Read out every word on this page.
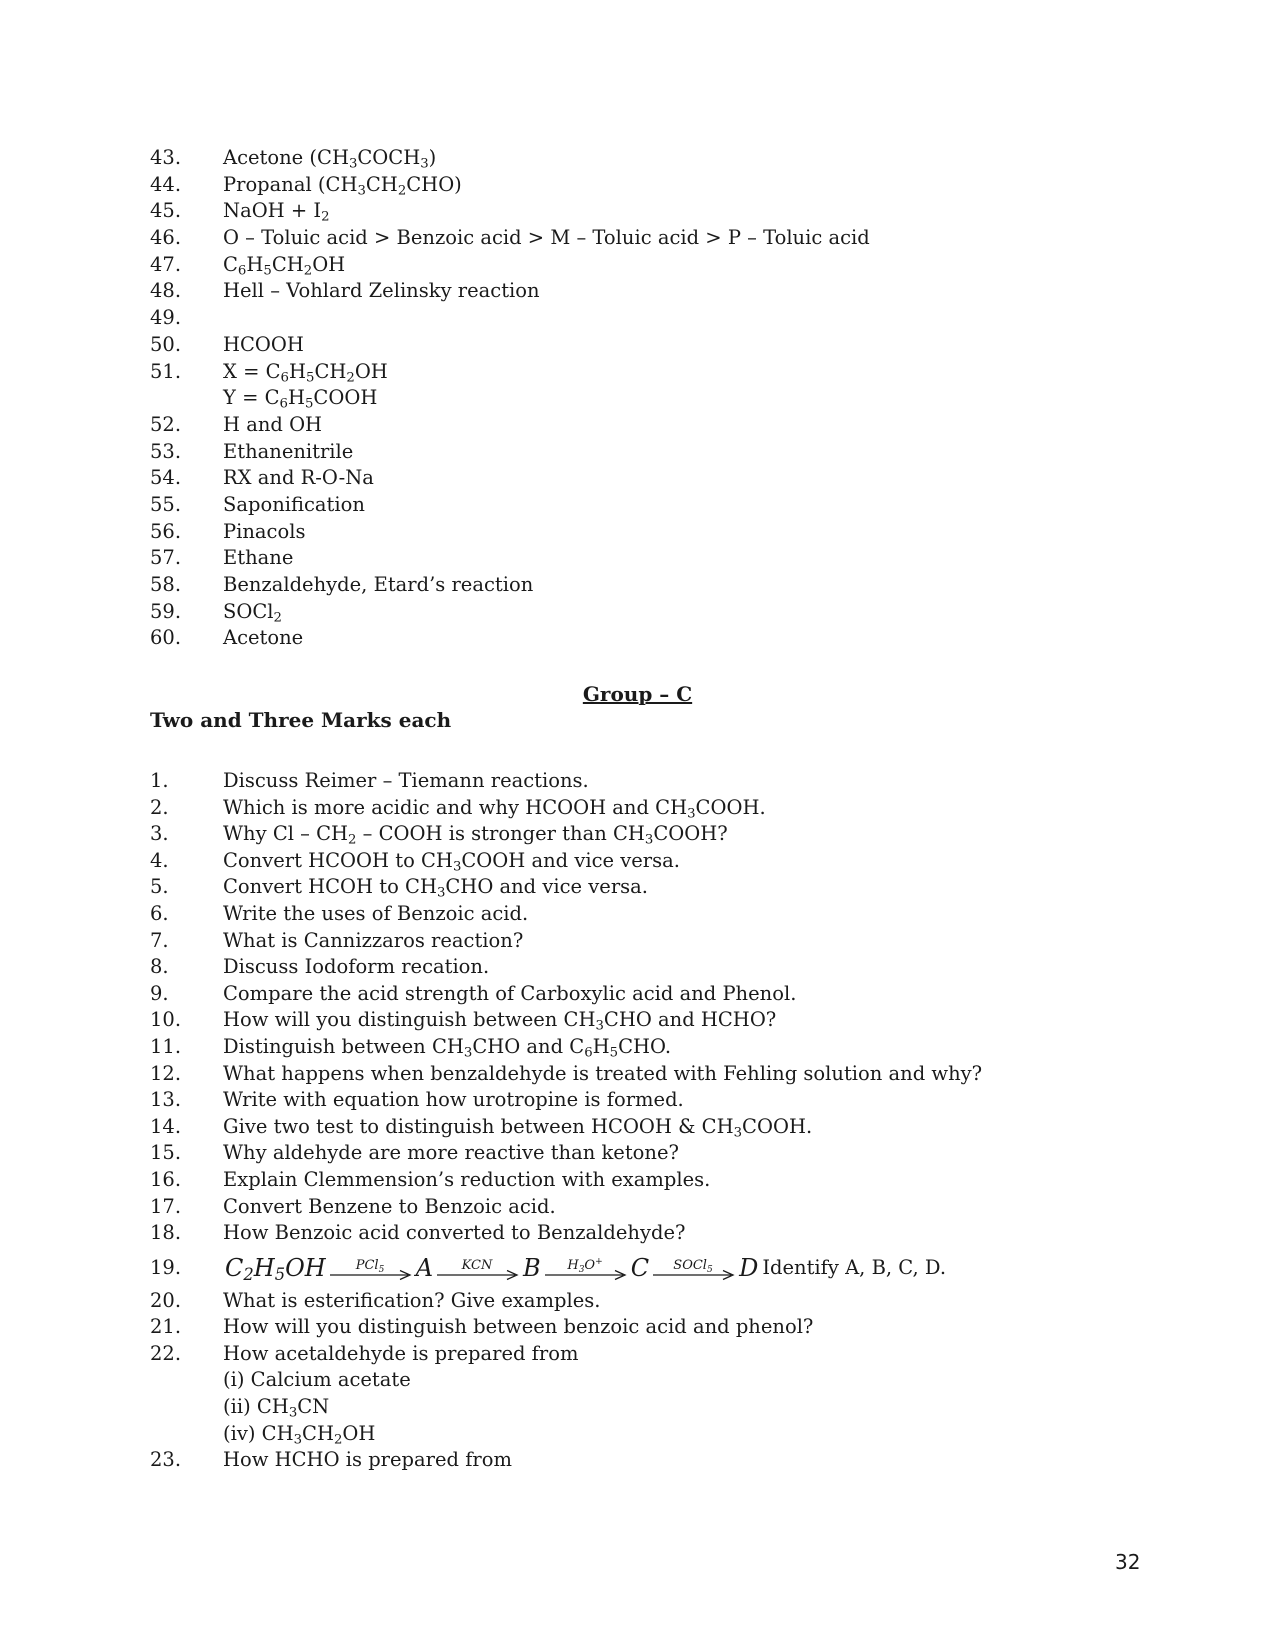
43. Acetone $(CH_3COCH_3)$
44. Propanal $(CH_3CH_2CHO)$
45. NaOH + $I_2$
46. O – Toluic acid > Benzoic acid > M – Toluic acid > P – Toluic acid
47. $C_6H_5CH_2OH$
48. Hell – Vohlard Zelinsky reaction
49.
50. HCOOH
51. $X = C_6H_5CH_2OH$
$Y = C_6H_5COOH$
52. H and OH
53. Ethanenitrile
54. RX and R-O-Na
55. Saponification
56. Pinacols
57. Ethane
58. Benzaldehyde, Etard’s reaction
59. SOCl$_2$
60. Acetone
Group – C
Two and Three Marks each
1.	Discuss Reimer – Tiemann reactions.
2.	Which is more acidic and why HCOOH and $CH_3COOH$.
3.	Why Cl – $CH_2$ – COOH is stronger than $CH_3COOH$?
4.	Convert HCOOH to $CH_3COOH$ and vice versa.
5.	Convert HCOH to $CH_3CHO$ and vice versa.
6.	Write the uses of Benzoic acid.
7.	What is Cannizzaros reaction?
8.	Discuss Iodoform recation.
9.	Compare the acid strength of Carboxylic acid and Phenol.
10. How will you distinguish between $CH_3CHO$ and HCHO?
11. Distinguish between $CH_3CHO$ and $C_6H_5CHO$.
12. What happens when benzaldehyde is treated with Fehling solution and why?
13. Write with equation how urotropine is formed.
14. Give two test to distinguish between HCOOH & $CH_3COOH$.
15. Why aldehyde are more reactive than ketone?
16. Explain Clemmension’s reduction with examples.
17. Convert Benzene to Benzoic acid.
18. How Benzoic acid converted to Benzaldehyde?
19. $C_2H_5OH$ PCl$_5$ A KCN B $H_3O^+$ C SOCl$_5$ D Identify A, B, C, D.
20. What is esterification? Give examples.
21. How will you distinguish between benzoic acid and phenol?
22. How acetaldehyde is prepared from
(i) Calcium acetate
(ii) $CH_3CN$
(iv) $CH_3CH_2OH$
23. How HCHO is prepared from
32
